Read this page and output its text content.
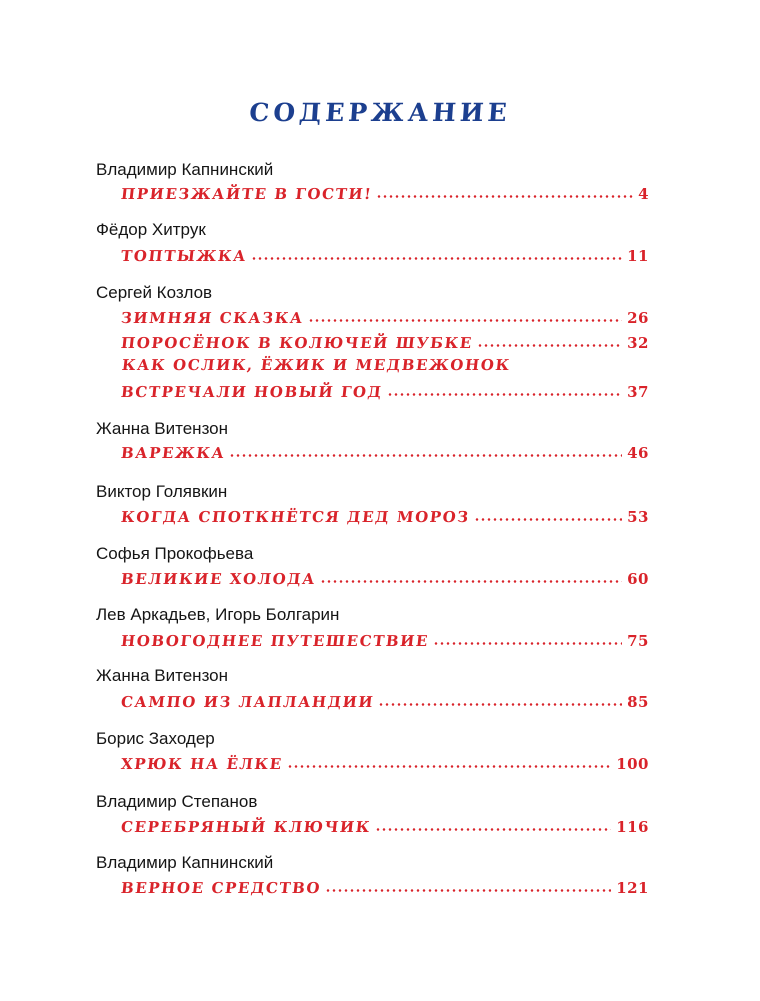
СОДЕРЖАНИЕ
Владимир Капнинский
ПРИЕЗЖАЙТЕ В ГОСТИ!	4
Фёдор Хитрук
ТОПТЫЖКА	11
Сергей Козлов
ЗИМНЯЯ СКАЗКА	26
ПОРОСЁНОК В КОЛЮЧЕЙ ШУБКЕ	32
КАК ОСЛИК, ЁЖИК И МЕДВЕЖОНОК
ВСТРЕЧАЛИ НОВЫЙ ГОД	37
Жанна Витензон
ВАРЕЖКА	46
Виктор Голявкин
КОГДА СПОТКНЁТСЯ ДЕД МОРОЗ	53
Софья Прокофьева
ВЕЛИКИЕ ХОЛОДА	60
Лев Аркадьев, Игорь Болгарин
НОВОГОДНЕЕ ПУТЕШЕСТВИЕ	75
Жанна Витензон
САМПО ИЗ ЛАПЛАНДИИ	85
Борис Заходер
ХРЮК НА ЁЛКЕ	100
Владимир Степанов
СЕРЕБРЯНЫЙ КЛЮЧИК	116
Владимир Капнинский
ВЕРНОЕ СРЕДСТВО	121
